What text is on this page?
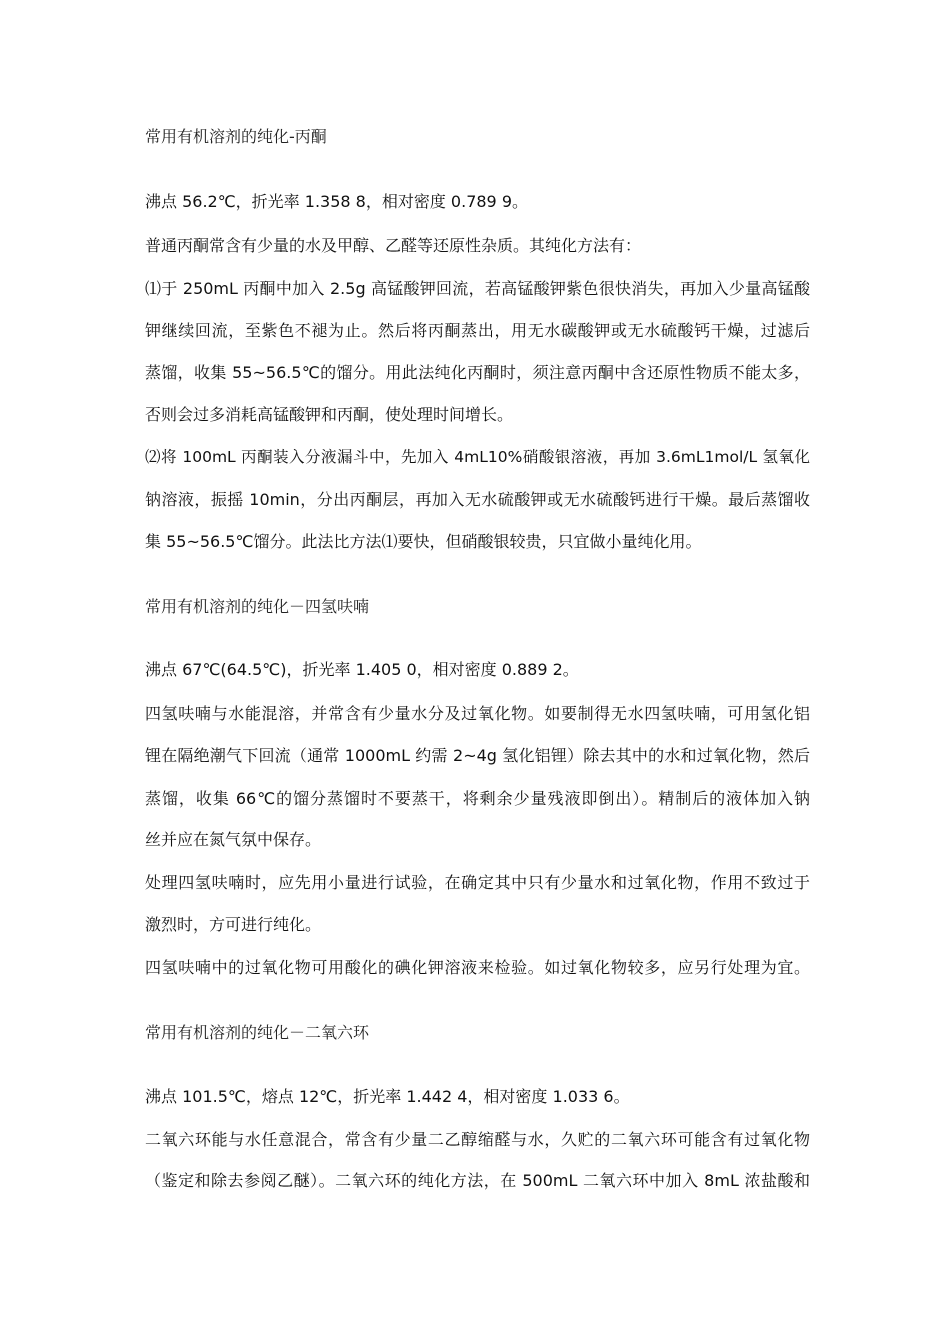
常用有机溶剂的纯化-丙酮
沸点 56.2℃，折光率 1.358 8，相对密度 0.789 9。
普通丙酮常含有少量的水及甲醇、乙醛等还原性杂质。其纯化方法有：
⑴于 250mL 丙酮中加入 2.5g 高锰酸钾回流，若高锰酸钾紫色很快消失，再加入少量高锰酸
钾继续回流，至紫色不褪为止。然后将丙酮蒸出，用无水碳酸钾或无水硫酸钙干燥，过滤后
蒸馏，收集 55~56.5℃的馏分。用此法纯化丙酮时，须注意丙酮中含还原性物质不能太多，
否则会过多消耗高锰酸钾和丙酮，使处理时间增长。
⑵将 100mL 丙酮装入分液漏斗中，先加入 4mL10%硝酸银溶液，再加 3.6mL1mol/L 氢氧化
钠溶液，振摇 10min，分出丙酮层，再加入无水硫酸钾或无水硫酸钙进行干燥。最后蒸馏收
集 55~56.5℃馏分。此法比方法⑴要快，但硝酸银较贵，只宜做小量纯化用。
常用有机溶剂的纯化－四氢呋喃
沸点 67℃(64.5℃)，折光率 1.405 0，相对密度 0.889 2。
四氢呋喃与水能混溶，并常含有少量水分及过氧化物。如要制得无水四氢呋喃，可用氢化铝
锂在隔绝潮气下回流（通常 1000mL 约需 2~4g 氢化铝锂）除去其中的水和过氧化物，然后
蒸馏，收集 66℃的馏分蒸馏时不要蒸干，将剩余少量残液即倒出）。精制后的液体加入钠
丝并应在氮气氛中保存。
处理四氢呋喃时，应先用小量进行试验，在确定其中只有少量水和过氧化物，作用不致过于
激烈时，方可进行纯化。
四氢呋喃中的过氧化物可用酸化的碘化钾溶液来检验。如过氧化物较多，应另行处理为宜。
常用有机溶剂的纯化－二氧六环
沸点 101.5℃，熔点 12℃，折光率 1.442 4，相对密度 1.033 6。
二氧六环能与水任意混合，常含有少量二乙醇缩醛与水，久贮的二氧六环可能含有过氧化物
（鉴定和除去参阅乙醚）。二氧六环的纯化方法，在 500mL 二氧六环中加入 8mL 浓盐酸和
